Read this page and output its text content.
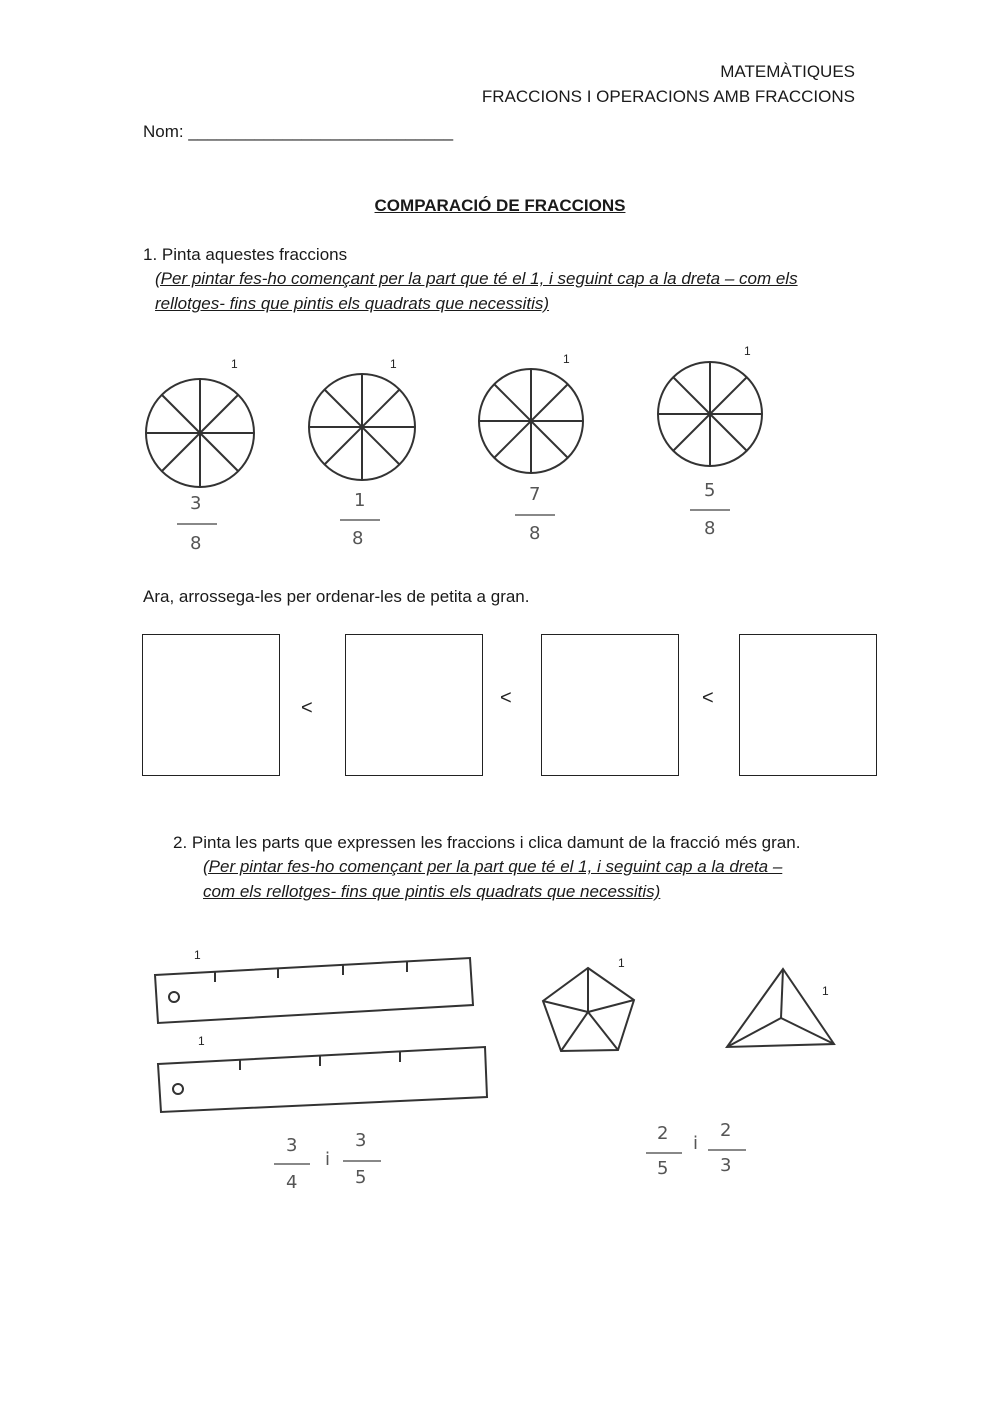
MATEMÀTIQUES
FRACCIONS I OPERACIONS AMB FRACCIONS
Nom: ____________________________
COMPARACIÓ DE FRACCIONS
1. Pinta aquestes fraccions
(Per pintar fes-ho començant per la part que té el 1, i seguint cap a la dreta – com els
rellotges- fins que pintis els quadrats que necessitis)
1	1	1
1
3
8
1
8
7
8
5
8
Ara, arrossega-les per ordenar-les de petita a gran.
<	<	<
2. Pinta les parts que expressen les fraccions i clica damunt de la fracció més gran.
(Per pintar fes-ho començant per la part que té el 1, i seguint cap a la dreta –
com els rellotges- fins que pintis els quadrats que necessitis)
1
1
1
1
3
4
i
3
5
2
5
i
2
3
